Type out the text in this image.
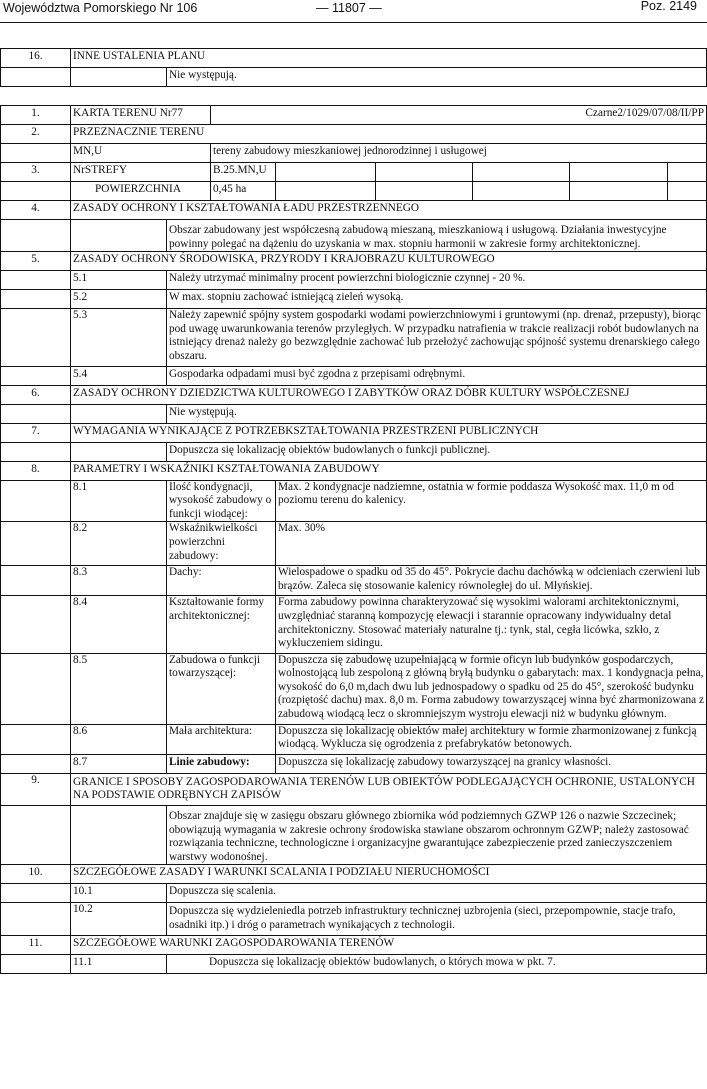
Województwa Pomorskiego Nr 106	— 11807 —	Poz. 2149
16.	INNE USTALENIA PLANU	
		Nie występują.
1.	KARTA TERENU Nr77		Czarne2/1029/07/08/II/PP					
2.	PRZEZNACZNIE TERENU							
	MN,U		tereny zabudowy mieszkaniowej jednorodzinnej i usługowej					
3.	NrSTREFY		B.25.MN,U					
	POWIERZCHNIA		0,45 ha					
4.	ZASADY OCHRONY I KSZTAŁTOWANIA ŁADU PRZESTRZENNEGO							
		Obszar zabudowany jest współczesną zabudową mieszaną, mieszkaniową i usługową. Działania inwestycyjne powinny polegać na dążeniu do uzyskania w max. stopniu harmonii w zakresie formy architektonicznej.						
5.	ZASADY OCHRONY ŚRODOWISKA, PRZYRODY I KRAJOBRAZU KULTUROWEGO							
	5.1	Należy utrzymać minimalny procent powierzchni biologicznie czynnej - 20 %.						
	5.2	W max. stopniu zachować istniejącą zieleń wysoką.						
	5.3	Należy zapewnić spójny system gospodarki wodami powierzchniowymi i gruntowymi (np. drenaż, przepusty), biorąc pod uwagę uwarunkowania terenów przyległych. W przypadku natrafienia w trakcie realizacji robót budowlanych na istniejący drenaż należy go bezwzględnie zachować lub przełożyć zachowując spójność systemu drenarskiego całego obszaru.						
	5.4	Gospodarka odpadami musi być zgodna z przepisami odrębnymi.						
6.	ZASADY OCHRONY DZIEDZICTWA KULTUROWEGO I ZABYTKÓW ORAZ DÓBR KULTURY WSPÓŁCZESNEJ							
		Nie występują.						
7.	WYMAGANIA WYNIKAJĄCE Z POTRZEBKSZTAŁTOWANIA PRZESTRZENI PUBLICZNYCH							
		Dopuszcza się lokalizację obiektów budowlanych o funkcji publicznej.						
8.	PARAMETRY I WSKAŹNIKI KSZTAŁTOWANIA ZABUDOWY							
	8.1	Ilość kondygnacji, wysokość zabudowy o funkcji wiodącej:		Max. 2 kondygnacje nadziemne, ostatnia w formie poddasza Wysokość max. 11,0 m od poziomu terenu do kalenicy.				
	8.2	Wskaźnikwielkości powierzchni zabudowy:		Max. 30%				
	8.3	Dachy:		Wielospadowe o spadku od 35 do 45°. Pokrycie dachu dachówką w odcieniach czerwieni lub brązów. Zaleca się stosowanie kalenicy równoległej do ul. Młyńskiej.				
	8.4	Kształtowanie formy architektonicznej:		Forma zabudowy powinna charakteryzować się wysokimi walorami architektonicznymi, uwzględniać staranną kompozycję elewacji i starannie opracowany indywidualny detal architektoniczny. Stosować materiały naturalne tj.: tynk, stal, cegła licówka, szkło, z wykluczeniem sidingu.				
	8.5	Zabudowa o funkcji towarzyszącej:		Dopuszcza się zabudowę uzupełniającą w formie oficyn lub budynków gospodarczych, wolnostojącą lub zespoloną z główną bryłą budynku o gabarytach: max. 1 kondygnacja pełna, wysokość do 6,0 m,dach dwu lub jednospadowy o spadku od 25 do 45°, szerokość budynku (rozpiętość dachu) max. 8,0 m. Forma zabudowy towarzyszącej winna być zharmonizowana z zabudową wiodącą lecz o skromniejszym wystroju elewacji niż w budynku głównym.				
	8.6	Mała architektura:		Dopuszcza się lokalizację obiektów małej architektury w formie zharmonizowanej z funkcją wiodącą. Wyklucza się ogrodzenia z prefabrykatów betonowych.				
	8.7	Linie zabudowy:		Dopuszcza się lokalizację zabudowy towarzyszącej na granicy własności.				
9.	GRANICE I SPOSOBY ZAGOSPODAROWANIA TERENÓW LUB OBIEKTÓW PODLEGAJĄCYCH OCHRONIE, USTALONYCH NA PODSTAWIE ODRĘBNYCH ZAPISÓW							
		Obszar znajduje się w zasięgu obszaru głównego zbiornika wód podziemnych GZWP 126 o nazwie Szczecinek; obowiązują wymagania w zakresie ochrony środowiska stawiane obszarom ochronnym GZWP; należy zastosować rozwiązania techniczne, technologiczne i organizacyjne gwarantujące zabezpieczenie przed zanieczyszczeniem warstwy wodonośnej.						
10.	SZCZEGÓŁOWE ZASADY I WARUNKI SCALANIA I PODZIAŁU NIERUCHOMOŚCI							
	10.1	Dopuszcza się scalenia.						
	10.2	Dopuszcza się wydzieleniedla potrzeb infrastruktury technicznej uzbrojenia (sieci, przepompownie, stacje trafo, osadniki itp.) i dróg o parametrach wynikających z technologii.						
11.	SZCZEGÓŁOWE WARUNKI ZAGOSPODAROWANIA TERENÓW							
	11.1	Dopuszcza się lokalizację obiektów budowlanych, o których mowa w pkt. 7.						
